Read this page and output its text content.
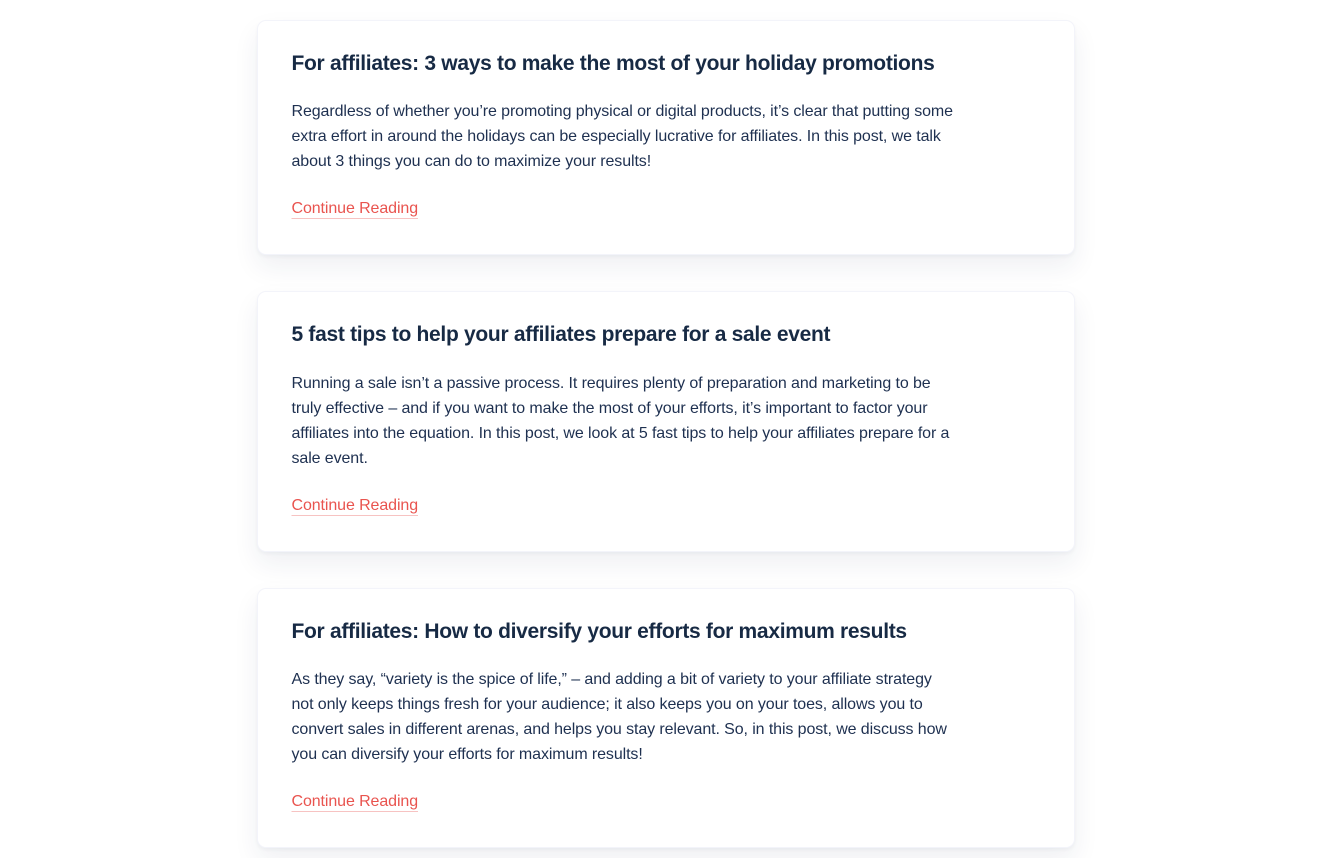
For affiliates: 3 ways to make the most of your holiday promotions

Regardless of whether you’re promoting physical or digital products, it’s clear that putting some extra effort in around the holidays can be especially lucrative for affiliates. In this post, we talk about 3 things you can do to maximize your results!

Continue Reading
5 fast tips to help your affiliates prepare for a sale event

Running a sale isn’t a passive process. It requires plenty of preparation and marketing to be truly effective – and if you want to make the most of your efforts, it’s important to factor your affiliates into the equation. In this post, we look at 5 fast tips to help your affiliates prepare for a sale event.

Continue Reading
For affiliates: How to diversify your efforts for maximum results

As they say, “variety is the spice of life,” – and adding a bit of variety to your affiliate strategy not only keeps things fresh for your audience; it also keeps you on your toes, allows you to convert sales in different arenas, and helps you stay relevant. So, in this post, we discuss how you can diversify your efforts for maximum results!

Continue Reading
